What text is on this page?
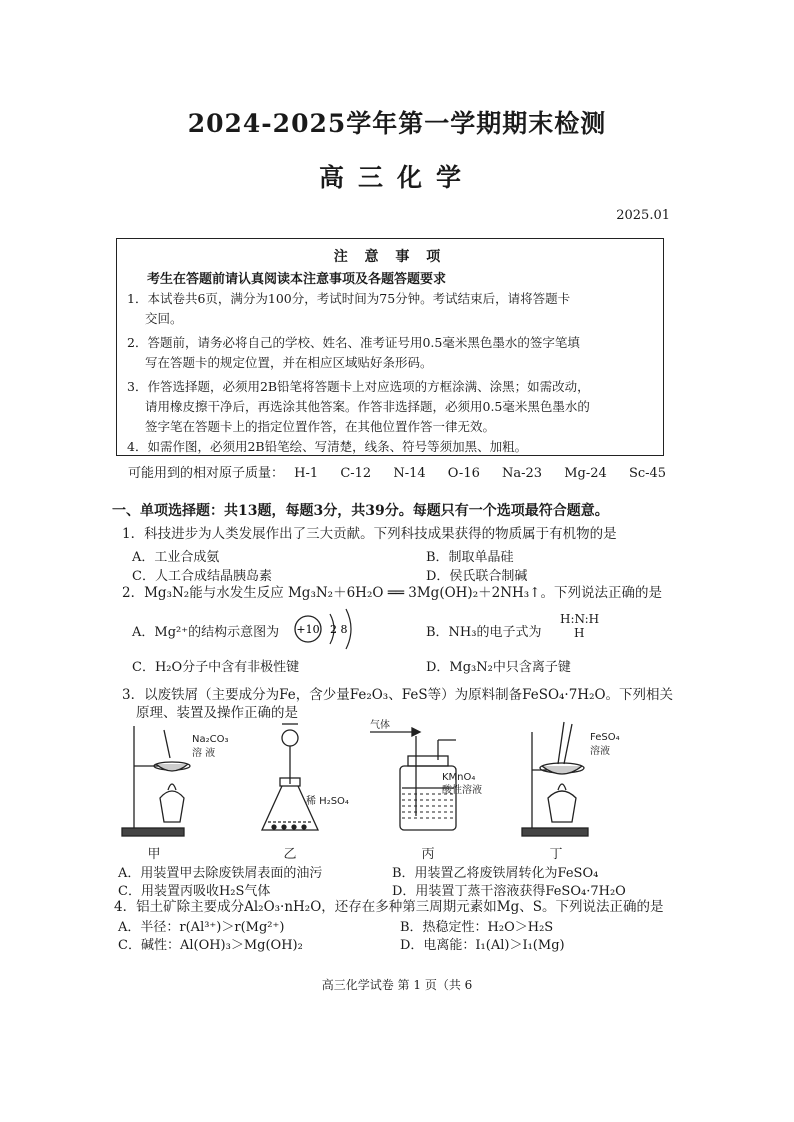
2024-2025学年第一学期期末检测
高三化学
2025.01
注 意 事 项
考生在答题前请认真阅读本注意事项及各题答题要求
1．本试卷共6页，满分为100分，考试时间为75分钟。考试结束后，请将答题卡
交回。
2．答题前，请务必将自己的学校、姓名、准考证号用0.5毫米黑色墨水的签字笔填
写在答题卡的规定位置，并在相应区域贴好条形码。
3．作答选择题，必须用2B铅笔将答题卡上对应选项的方框涂满、涂黑；如需改动，
请用橡皮擦干净后，再选涂其他答案。作答非选择题，必须用0.5毫米黑色墨水的
签字笔在答题卡上的指定位置作答，在其他位置作答一律无效。
4．如需作图，必须用2B铅笔绘、写清楚，线条、符号等须加黑、加粗。
可能用到的相对原子质量： H-1 C-12 N-14 O-16 Na-23 Mg-24 Sc-45
一、单项选择题：共13题，每题3分，共39分。每题只有一个选项最符合题意。
1．科技进步为人类发展作出了三大贡献。下列科技成果获得的物质属于有机物的是
A．工业合成氨	B．制取单晶硅
C．人工合成结晶胰岛素	D．侯氏联合制碱
2．Mg₃N₂能与水发生反应 Mg₃N₂＋6H₂O ══ 3Mg(OH)₂＋2NH₃↑。下列说法正确的是
A．Mg²⁺的结构示意图为 +10 2 8	B．NH₃的电子式为
H:N:H
H
C．H₂O分子中含有非极性键	D．Mg₃N₂中只含离子键
3．以废铁屑（主要成分为Fe，含少量Fe₂O₃、FeS等）为原料制备FeSO₄·7H₂O。下列相关
原理、装置及操作正确的是
Na₂CO₃
溶 液
稀 H₂SO₄
气体
KMnO₄
酸性溶液
FeSO₄
溶液
甲	乙	丙	丁
A．用装置甲去除废铁屑表面的油污	B．用装置乙将废铁屑转化为FeSO₄
C．用装置丙吸收H₂S气体	D．用装置丁蒸干溶液获得FeSO₄·7H₂O
4．铝土矿除主要成分Al₂O₃·nH₂O，还存在多种第三周期元素如Mg、S。下列说法正确的是
A．半径：r(Al³⁺)＞r(Mg²⁺)	B．热稳定性：H₂O＞H₂S
C．碱性：Al(OH)₃＞Mg(OH)₂	D．电离能：I₁(Al)＞I₁(Mg)
高三化学试卷 第 1 页（共 6
